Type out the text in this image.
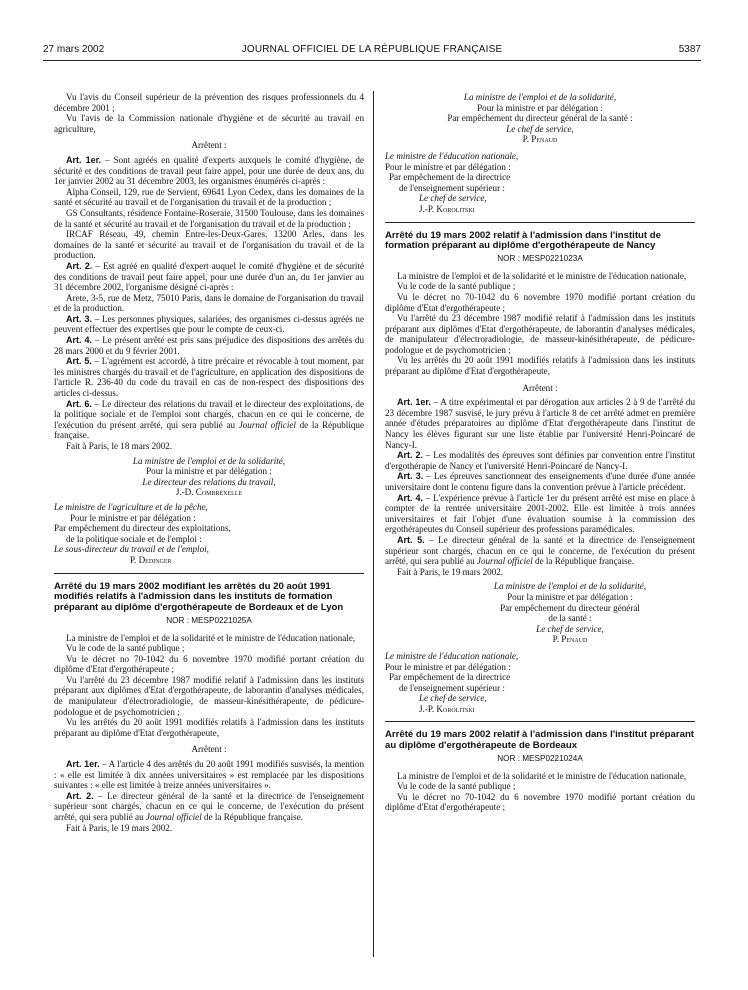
27 mars 2002	JOURNAL OFFICIEL DE LA RÉPUBLIQUE FRANÇAISE	5387

Vu l'avis du Conseil supérieur de la prévention des risques professionnels du 4 décembre 2001 ;

Vu l'avis de la Commission nationale d'hygiène et de sécurité au travail en agriculture,

Arrêtent :

Art. 1er. – Sont agréés en qualité d'experts auxquels le comité d'hygiène, de sécurité et des conditions de travail peut faire appel, pour une durée de deux ans, du 1er janvier 2002 au 31 décembre 2003, les organismes énumérés ci-après :

Alpha Conseil, 129, rue de Servient, 69641 Lyon Cedex, dans les domaines de la santé et sécurité au travail et de l'organisation du travail et de la production ;

GS Consultants, résidence Fontaine-Roseraie, 31500 Toulouse, dans les domaines de la santé et sécurité au travail et de l'organisation du travail et de la production ;

IRCAF Réseau, 49, chemin Entre-les-Deux-Gares, 13200 Arles, dans les domaines de la santé et sécurité au travail et de l'organisation du travail et de la production.

Art. 2. – Est agréé en qualité d'expert auquel le comité d'hygiène et de sécurité des conditions de travail peut faire appel, pour une durée d'un an, du 1er janvier au 31 décembre 2002, l'organisme désigné ci-après :

Arete, 3-5, rue de Metz, 75010 Paris, dans le domaine de l'organisation du travail et de la production.

Art. 3. – Les personnes physiques, salariées, des organismes ci-dessus agréés ne peuvent effectuer des expertises que pour le compte de ceux-ci.

Art. 4. – Le présent arrêté est pris sans préjudice des dispositions des arrêtés du 28 mars 2000 et du 9 février 2001.

Art. 5. – L'agrément est accordé, à titre précaire et révocable à tout moment, par les ministres chargés du travail et de l'agriculture, en application des dispositions de l'article R. 236-40 du code du travail en cas de non-respect des dispositions des articles ci-dessus.

Art. 6. – Le directeur des relations du travail et le directeur des exploitations, de la politique sociale et de l'emploi sont chargés, chacun en ce qui le concerne, de l'exécution du présent arrêté, qui sera publié au Journal officiel de la République française.

Fait à Paris, le 18 mars 2002.

La ministre de l'emploi et de la solidarité,

Pour la ministre et par délégation :

Le directeur des relations du travail,

J.-D. Combrexelle

Le ministre de l'agriculture et de la pêche,

Pour le ministre et par délégation :

Par empêchement du directeur des exploitations,

de la politique sociale et de l'emploi :

Le sous-directeur du travail et de l'emploi,

P. Dedinger

Arrêté du 19 mars 2002 modifiant les arrêtés du 20 août 1991 modifiés relatifs à l'admission dans les instituts de formation préparant au diplôme d'ergothérapeute de Bordeaux et de Lyon

NOR : MESP0221025A

La ministre de l'emploi et de la solidarité et le ministre de l'éducation nationale,

Vu le code de la santé publique ;

Vu le décret no 70-1042 du 6 novembre 1970 modifié portant création du diplôme d'Etat d'ergothérapeute ;

Vu l'arrêté du 23 décembre 1987 modifié relatif à l'admission dans les instituts préparant aux diplômes d'Etat d'ergothérapeute, de laborantin d'analyses médicales, de manipulateur d'électroradiologie, de masseur-kinésithérapeute, de pédicure-podologue et de psychomotricien ;

Vu les arrêtés du 20 août 1991 modifiés relatifs à l'admission dans les instituts préparant au diplôme d'Etat d'ergothérapeute,

Arrêtent :

Art. 1er. – A l'article 4 des arrêtés du 20 août 1991 modifiés susvisés, la mention : « elle est limitée à dix années universitaires » est remplacée par les dispositions suivantes : « elle est limitée à treize années universitaires ».

Art. 2. – Le directeur général de la santé et la directrice de l'enseignement supérieur sont chargés, chacun en ce qui le concerne, de l'exécution du présent arrêté, qui sera publié au Journal officiel de la République française.

Fait à Paris, le 19 mars 2002.

La ministre de l'emploi et de la solidarité,

Pour la ministre et par délégation :

Par empêchement du directeur général de la santé :

Le chef de service,

P. Penaud

Le ministre de l'éducation nationale,

Pour le ministre et par délégation :

Par empêchement de la directrice

de l'enseignement supérieur :

Le chef de service,

J.-P. Korolitski

Arrêté du 19 mars 2002 relatif à l'admission dans l'institut de formation préparant au diplôme d'ergothérapeute de Nancy

NOR : MESP0221023A

La ministre de l'emploi et de la solidarité et le ministre de l'éducation nationale,

Vu le code de la santé publique ;

Vu le décret no 70-1042 du 6 novembre 1970 modifié portant création du diplôme d'Etat d'ergothérapeute ;

Vu l'arrêté du 23 décembre 1987 modifié relatif à l'admission dans les instituts préparant aux diplômes d'Etat d'ergothérapeute, de laborantin d'analyses médicales, de manipulateur d'électroradiologie, de masseur-kinésithérapeute, de pédicure-podologue et de psychomotricien ;

Vu les arrêtés du 20 août 1991 modifiés relatifs à l'admission dans les instituts préparant au diplôme d'Etat d'ergothérapeute,

Arrêtent :

Art. 1er. – A titre expérimental et par dérogation aux articles 2 à 9 de l'arrêté du 23 décembre 1987 susvisé, le jury prévu à l'article 8 de cet arrêté admet en première année d'études préparatoires au diplôme d'Etat d'ergothérapeute dans l'institut de Nancy les élèves figurant sur une liste établie par l'université Henri-Poincaré de Nancy-I.

Art. 2. – Les modalités des épreuves sont définies par convention entre l'institut d'ergothérapie de Nancy et l'université Henri-Poincaré de Nancy-I.

Art. 3. – Les épreuves sanctionnent des enseignements d'une durée d'une année universitaire dont le contenu figure dans la convention prévue à l'article précédent.

Art. 4. – L'expérience prévue à l'article 1er du présent arrêté est mise en place à compter de la rentrée universitaire 2001-2002. Elle est limitée à trois années universitaires et fait l'objet d'une évaluation soumise à la commission des ergothérapeutes du Conseil supérieur des professions paramédicales.

Art. 5. – Le directeur général de la santé et la directrice de l'enseignement supérieur sont chargés, chacun en ce qui le concerne, de l'exécution du présent arrêté, qui sera publié au Journal officiel de la République française.

Fait à Paris, le 19 mars 2002.

La ministre de l'emploi et de la solidarité,

Pour la ministre et par délégation :

Par empêchement du directeur général

de la santé :

Le chef de service,

P. Penaud

Le ministre de l'éducation nationale,

Pour le ministre et par délégation :

Par empêchement de la directrice

de l'enseignement supérieur :

Le chef de service,

J.-P. Korolitski

Arrêté du 19 mars 2002 relatif à l'admission dans l'institut préparant au diplôme d'ergothérapeute de Bordeaux

NOR : MESP0221024A

La ministre de l'emploi et de la solidarité et le ministre de l'éducation nationale,

Vu le code de la santé publique ;

Vu le décret no 70-1042 du 6 novembre 1970 modifié portant création du diplôme d'Etat d'ergothérapeute ;
